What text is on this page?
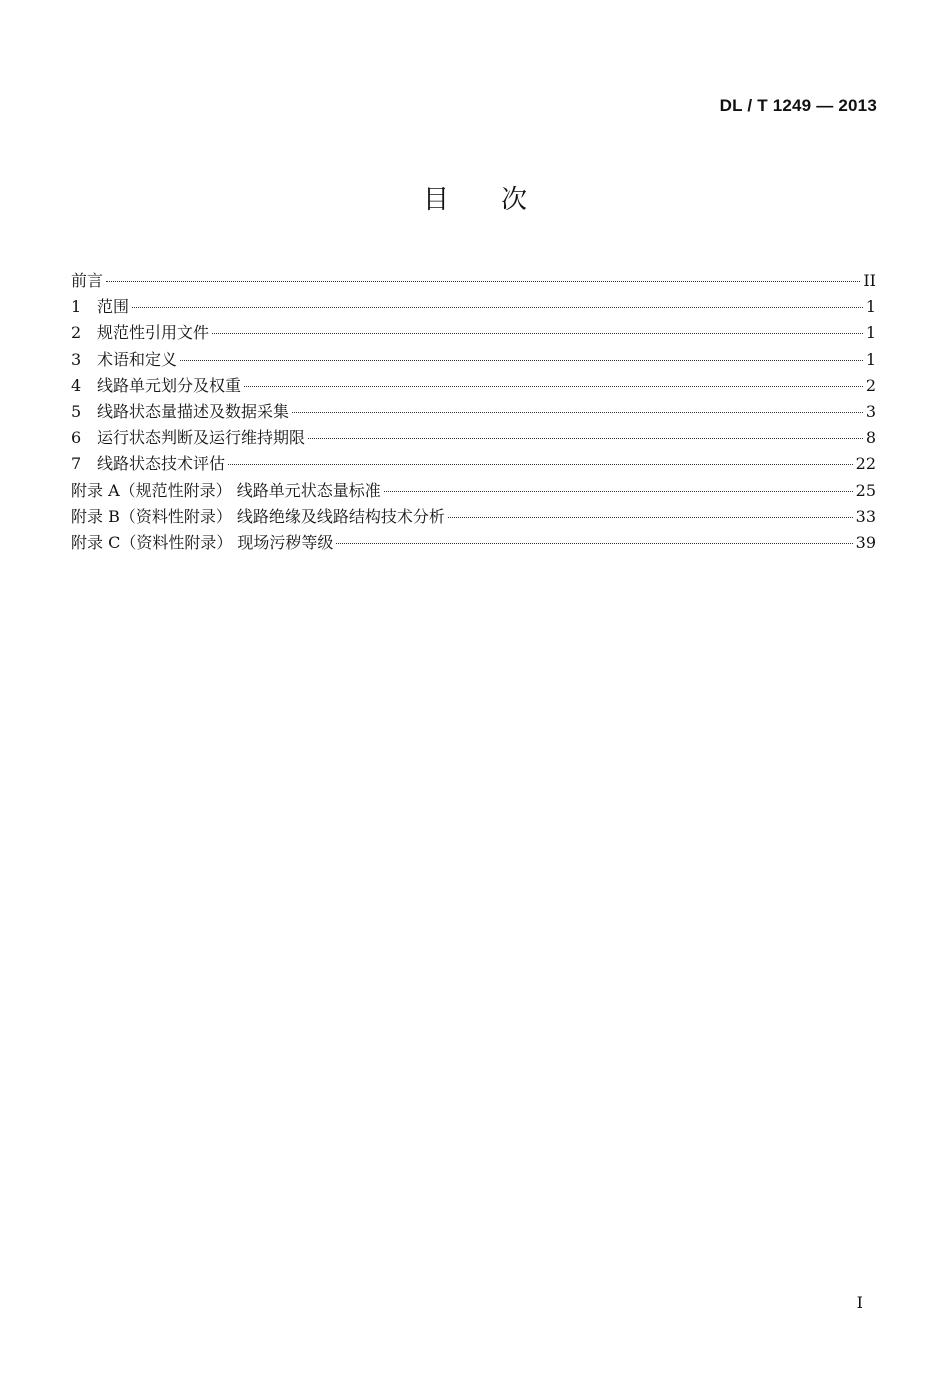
DL / T 1249 — 2013
目次
前言	II
1 范围	1
2 规范性引用文件	1
3 术语和定义	1
4 线路单元划分及权重	2
5 线路状态量描述及数据采集	3
6 运行状态判断及运行维持期限	8
7 线路状态技术评估	22
附录 A（规范性附录） 线路单元状态量标准	25
附录 B（资料性附录） 线路绝缘及线路结构技术分析	33
附录 C（资料性附录） 现场污秽等级	39
I
